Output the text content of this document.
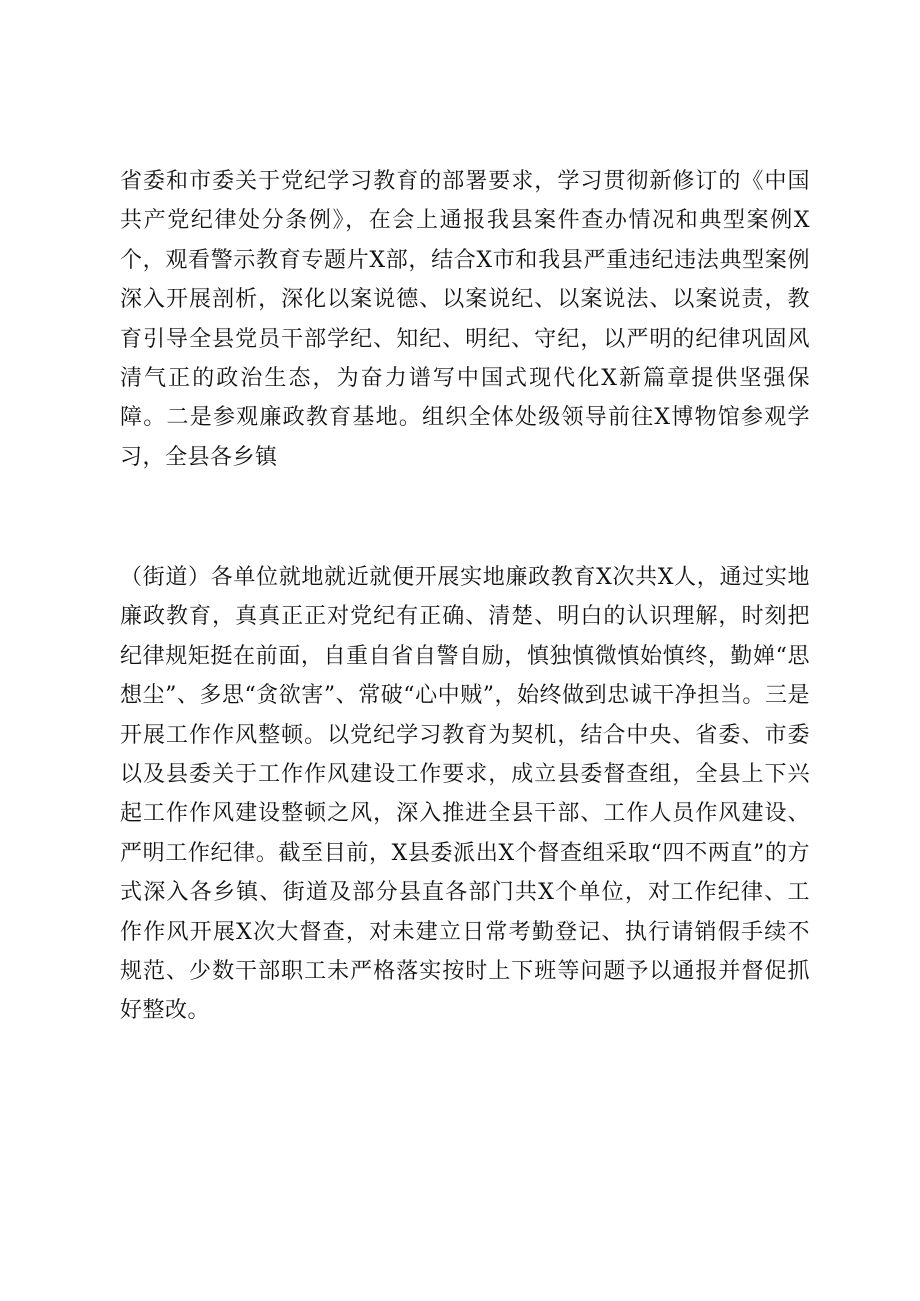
省委和市委关于党纪学习教育的部署要求，学习贯彻新修订的《中国共产党纪律处分条例》，在会上通报我县案件查办情况和典型案例X个，观看警示教育专题片X部，结合X市和我县严重违纪违法典型案例深入开展剖析，深化以案说德、以案说纪、以案说法、以案说责，教育引导全县党员干部学纪、知纪、明纪、守纪，以严明的纪律巩固风清气正的政治生态，为奋力谱写中国式现代化X新篇章提供坚强保障。二是参观廉政教育基地。组织全体处级领导前往X博物馆参观学习，全县各乡镇

（街道）各单位就地就近就便开展实地廉政教育X次共X人，通过实地廉政教育，真真正正对党纪有正确、清楚、明白的认识理解，时刻把纪律规矩挺在前面，自重自省自警自励，慎独慎微慎始慎终，勤婵“思想尘”、多思“贪欲害”、常破“心中贼”，始终做到忠诚干净担当。三是开展工作作风整顿。以党纪学习教育为契机，结合中央、省委、市委以及县委关于工作作风建设工作要求，成立县委督查组，全县上下兴起工作作风建设整顿之风，深入推进全县干部、工作人员作风建设、严明工作纪律。截至目前，X县委派出X个督查组采取“四不两直”的方式深入各乡镇、街道及部分县直各部门共X个单位，对工作纪律、工作作风开展X次大督查，对未建立日常考勤登记、执行请销假手续不规范、少数干部职工未严格落实按时上下班等问题予以通报并督促抓好整改。
